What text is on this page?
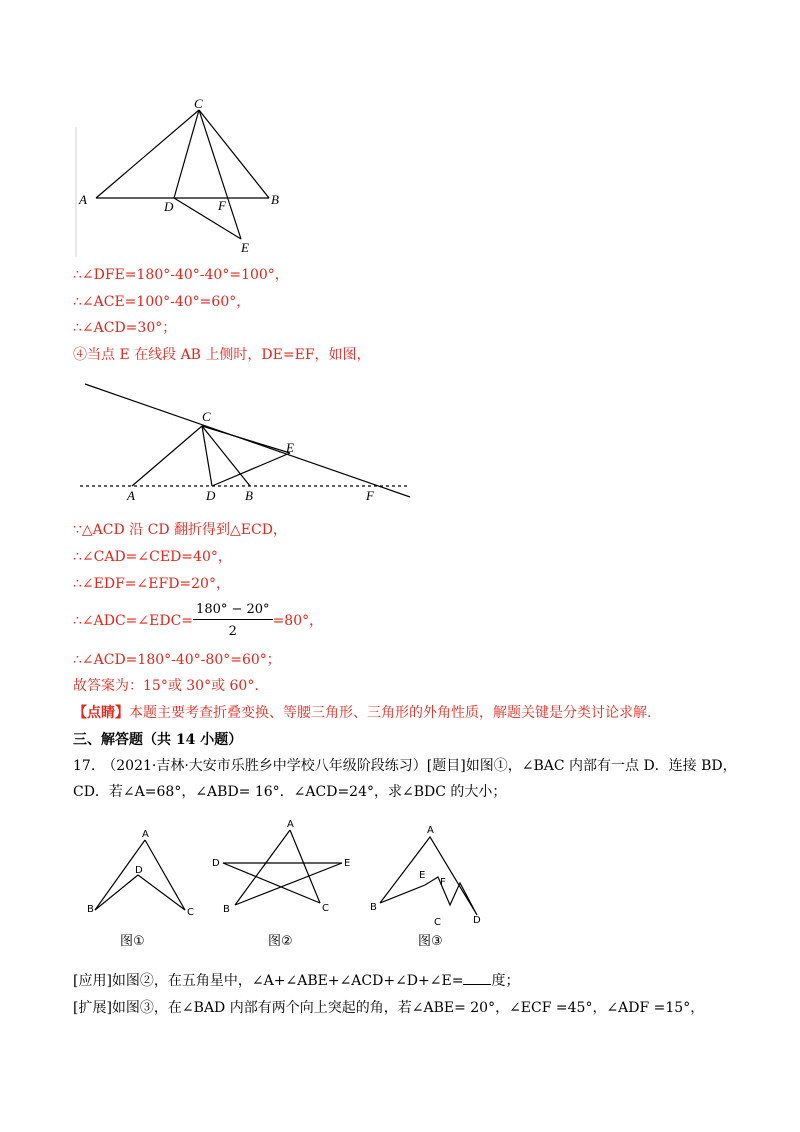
C
A	B
D	F
E
∴∠DFE=180°-40°-40°=100°，
∴∠ACE=100°-40°=60°，
∴∠ACD=30°；
④当点 E 在线段 AB 上侧时，DE=EF，如图，
C
E
A	D B	F
∵△ACD 沿 CD 翻折得到△ECD，
∴∠CAD=∠CED=40°，
∴∠EDF=∠EFD=20°，
∴∠ADC=∠EDC= $\frac{180^\circ - 20^\circ}{2} =80^\circ$，
∴∠ACD=180°-40°-80°=60°；
故答案为：15°或 30°或 60°.
【点睛】本题主要考查折叠变换、等腰三角形、三角形的外角性质，解题关键是分类讨论求解.
三、解答题（共 14 小题）
17.　（2021·吉林·大安市乐胜乡中学校八年级阶段练习）[题目]如图①，∠BAC 内部有一点 D．连接 BD，
CD．若∠A=68°，∠ABD= 16°．∠ACD=24°，求∠BDC 的大小；
A
D
B	C
图①
A
D	E
B	C
图②
A
E
F
B
C	D
图③
[应用]如图②，在五角星中，∠A+∠ABE+∠ACD+∠D+∠E= 度；
[扩展]如图③，在∠BAD 内部有两个向上突起的角，若∠ABE= 20°，∠ECF =45°，∠ADF =15°，
